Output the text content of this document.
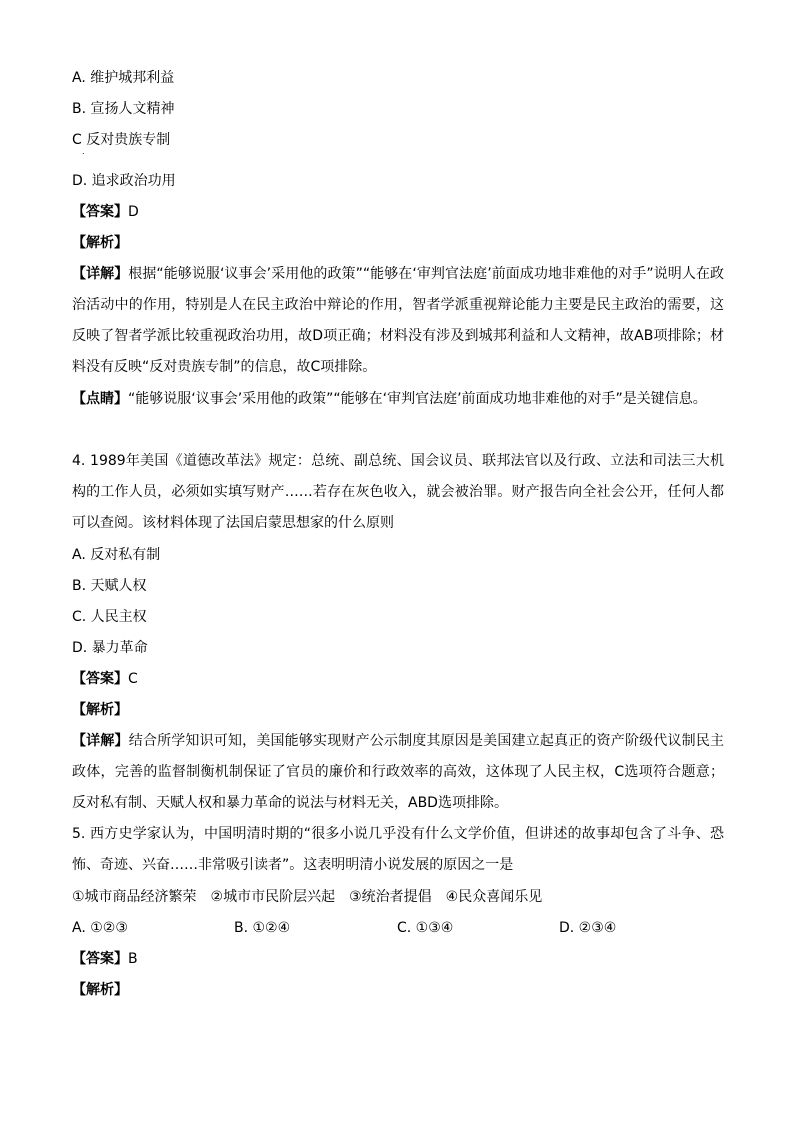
A. 维护城邦利益
B. 宣扬人文精神
C 反对贵族专制
.
D. 追求政治功用
【答案】D
【解析】
【详解】根据“能够说服‘议事会’采用他的政策”“能够在‘审判官法庭’前面成功地非难他的对手”说明人在政治活动中的作用，特别是人在民主政治中辩论的作用，智者学派重视辩论能力主要是民主政治的需要，这反映了智者学派比较重视政治功用，故D项正确；材料没有涉及到城邦利益和人文精神，故AB项排除；材料没有反映“反对贵族专制”的信息，故C项排除。
【点睛】“能够说服‘议事会’采用他的政策”“能够在‘审判官法庭’前面成功地非难他的对手”是关键信息。
4. 1989年美国《道德改革法》规定：总统、副总统、国会议员、联邦法官以及行政、立法和司法三大机构的工作人员，必须如实填写财产……若存在灰色收入，就会被治罪。财产报告向全社会公开，任何人都可以查阅。该材料体现了法国启蒙思想家的什么原则
A. 反对私有制
B. 天赋人权
C. 人民主权
D. 暴力革命
【答案】C
【解析】
【详解】结合所学知识可知，美国能够实现财产公示制度其原因是美国建立起真正的资产阶级代议制民主政体，完善的监督制衡机制保证了官员的廉价和行政效率的高效，这体现了人民主权，C选项符合题意；反对私有制、天赋人权和暴力革命的说法与材料无关，ABD选项排除。
5. 西方史学家认为，中国明清时期的“很多小说几乎没有什么文学价值，但讲述的故事却包含了斗争、恐怖、奇迹、兴奋……非常吸引读者”。这表明明清小说发展的原因之一是
①城市商品经济繁荣　②城市市民阶层兴起　③统治者提倡　④民众喜闻乐见
A. ①②③	B. ①②④	C. ①③④	D. ②③④
【答案】B
【解析】
